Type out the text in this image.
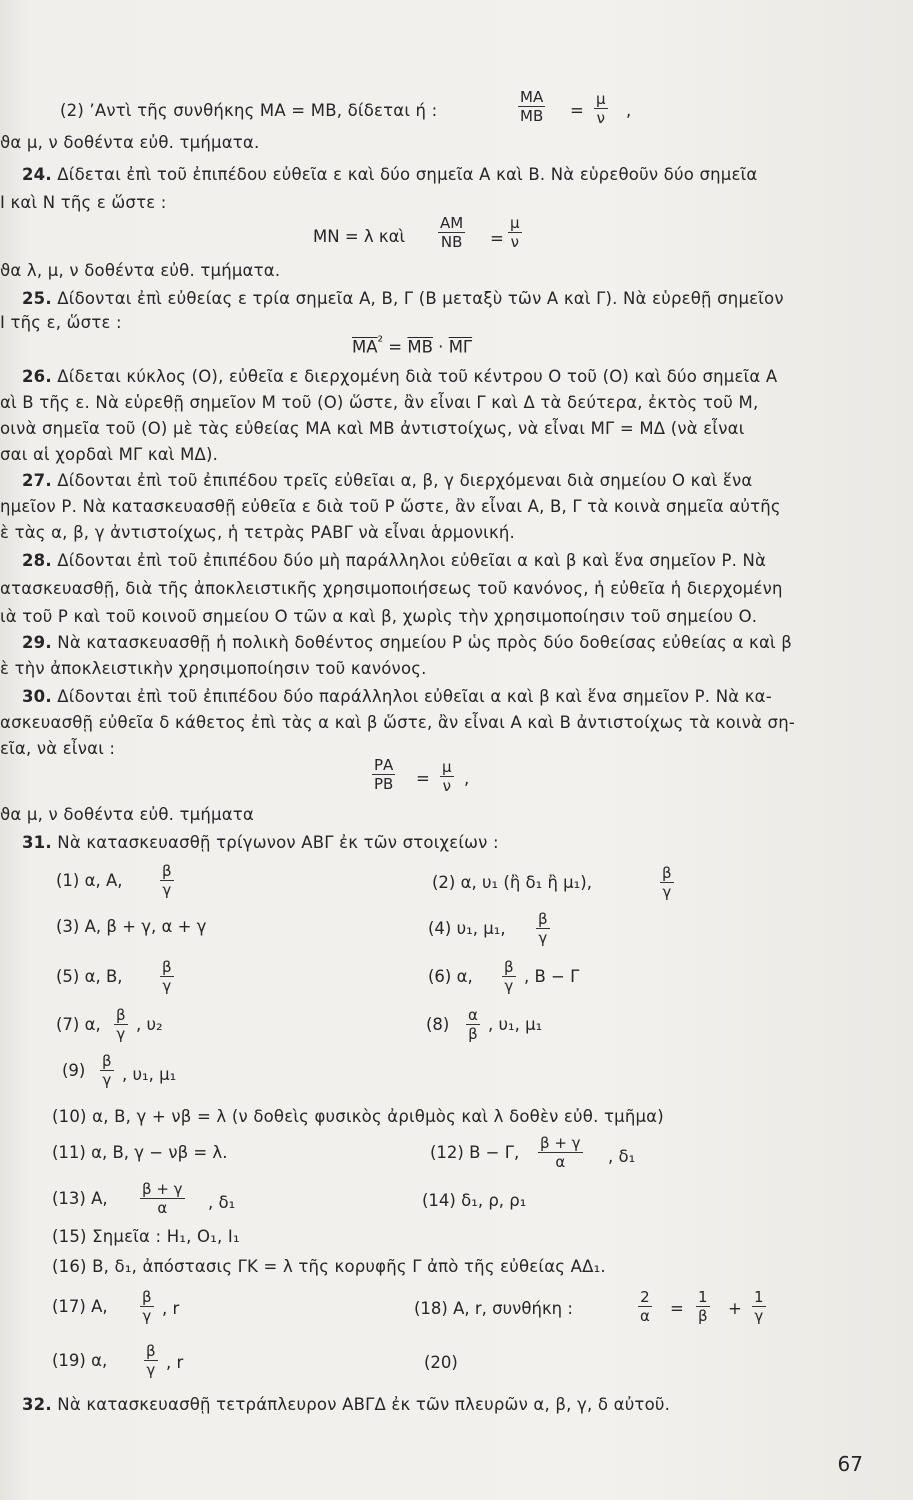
(2) ’Αντὶ τῆς συνθήκης ΜΑ = ΜΒ, δίδεται ή :	$\frac{MA}{MB} = \frac{\mu}{\nu}$ ,
ϑα μ, ν δοθέντα εὐθ. τμήματα.
24. Δίδεται ἐπὶ τοῦ ἐπιπέδου εὐθεῖα ε καὶ δύο σημεῖα Α καὶ Β. Νὰ εὑρεθοῦν δύο σημεῖα
Ι καὶ Ν τῆς ε ὥστε :
ΜΝ = λ καὶ $\frac{AM}{NB} = \frac{\mu}{\nu}$
ϑα λ, μ, ν δοθέντα εὐθ. τμήματα.
25. Δίδονται ἐπὶ εὐθείας ε τρία σημεῖα Α, Β, Γ (Β μεταξὺ τῶν Α καὶ Γ). Νὰ εὑρεθῇ σημεῖον
Ι τῆς ε, ὥστε :
$\overline{MA}^{^2} = \overline{MB} \cdot \overline{M\Gamma}$
26. Δίδεται κύκλος (Ο), εὐθεῖα ε διερχομένη διὰ τοῦ κέντρου Ο τοῦ (Ο) καὶ δύο σημεῖα Α
αὶ Β τῆς ε. Νὰ εὑρεθῇ σημεῖον Μ τοῦ (Ο) ὥστε, ἂν εἶναι Γ καὶ Δ τὰ δεύτερα, ἐκτὸς τοῦ Μ,
οινὰ σημεῖα τοῦ (Ο) μὲ τὰς εὐθείας ΜΑ καὶ ΜΒ ἀντιστοίχως, νὰ εἶναι ΜΓ = ΜΔ (νὰ εἶναι
σαι αἱ χορδαὶ ΜΓ καὶ ΜΔ).
27. Δίδονται ἐπὶ τοῦ ἐπιπέδου τρεῖς εὐθεῖαι α, β, γ διερχόμεναι διὰ σημείου Ο καὶ ἕνα
ημεῖον Ρ. Νὰ κατασκευασθῇ εὐθεῖα ε διὰ τοῦ Ρ ὥστε, ἂν εἶναι Α, Β, Γ τὰ κοινὰ σημεῖα αὐτῆς
ὲ τὰς α, β, γ ἀντιστοίχως, ἡ τετρὰς ΡΑΒΓ νὰ εἶναι ἁρμονική.
28. Δίδονται ἐπὶ τοῦ ἐπιπέδου δύο μὴ παράλληλοι εὐθεῖαι α καὶ β καὶ ἕνα σημεῖον Ρ. Νὰ
ατασκευασθῇ, διὰ τῆς ἀποκλειστικῆς χρησιμοποιήσεως τοῦ κανόνος, ἡ εὐθεῖα ἡ διερχομένη
ιὰ τοῦ Ρ καὶ τοῦ κοινοῦ σημείου Ο τῶν α καὶ β, χωρὶς τὴν χρησιμοποίησιν τοῦ σημείου Ο.
29. Νὰ κατασκευασθῇ ἡ πολικὴ δοθέντος σημείου Ρ ὡς πρὸς δύο δοθείσας εὐθείας α καὶ β
ὲ τὴν ἀποκλειστικὴν χρησιμοποίησιν τοῦ κανόνος.
30. Δίδονται ἐπὶ τοῦ ἐπιπέδου δύο παράλληλοι εὐθεῖαι α καὶ β καὶ ἕνα σημεῖον Ρ. Νὰ κα-
ασκευασθῇ εὐθεῖα δ κάθετος ἐπὶ τὰς α καὶ β ὥστε, ἂν εἶναι Α καὶ Β ἀντιστοίχως τὰ κοινὰ ση-
εῖα, νὰ εἶναι :
$\frac{PA}{PB} = \frac{\mu}{\nu}$ ,
ϑα μ, ν δοθέντα εὐθ. τμήματα
31. Νὰ κατασκευασθῇ τρίγωνον ΑΒΓ ἐκ τῶν στοιχείων :
(1) α, Α, $\frac{\beta}{\gamma}$	(2) α, υ₁ (ἢ δ₁ ἢ μ₁),	$\frac{\beta}{\gamma}$
(3) Α, β + γ, α + γ	(4) υ₁, μ₁, $\frac{\beta}{\gamma}$
(5) α, Β, $\frac{\beta}{\gamma}$	(6) α, $\frac{\beta}{\gamma}$ , Β − Γ
(7) α, $\frac{\beta}{\gamma}$ , υ₂	$(8) \frac{\alpha}{\beta}$ , υ₁, μ₁
$(9) \frac{\beta}{\gamma}$ , υ₁, μ₁
(10) α, Β, γ + νβ = λ (ν δοθεὶς φυσικὸς ἀριθμὸς καὶ λ δοθὲν εὐθ. τμῆμα)
(11) α, Β, γ − νβ = λ.	(12) Β − Γ, $\frac{\beta + \gamma}{\alpha}$ , δ₁
(13) Α, $\frac{\beta + \gamma}{\alpha}$ , δ₁	(14) δ₁, ρ, ρ₁
(15) Σημεῖα : Η₁, Ο₁, Ι₁
(16) Β, δ₁, ἀπόστασις ΓΚ = λ τῆς κορυφῆς Γ ἀπὸ τῆς εὐθείας ΑΔ₁.
(17) Α, $\frac{\beta}{\gamma}$ , r	(18) Α, r, συνθήκη :	$\frac{2}{\alpha} = \frac{1}{\beta} + \frac{1}{\gamma}$
(19) α, $\frac{\beta}{\gamma}$ , r	(20)
32. Νὰ κατασκευασθῇ τετράπλευρον ΑΒΓΔ ἐκ τῶν πλευρῶν α, β, γ, δ αὐτοῦ.
67
